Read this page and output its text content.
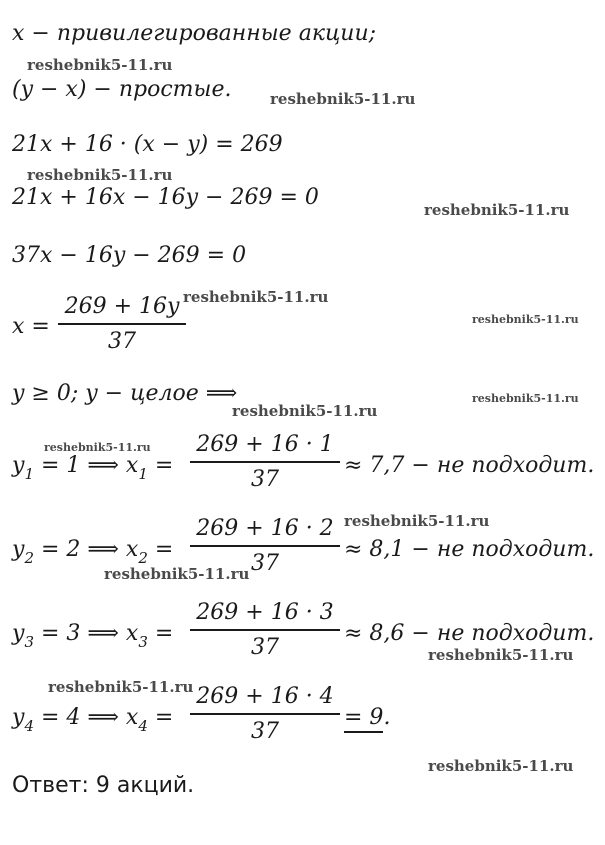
x − привилегированные акции;
(y − x) − простые.
21x + 16 · (x − y) = 269
21x + 16x − 16y − 269 = 0
37x − 16y − 269 = 0
x =
269 + 16y
37
y ≥ 0; y − целое ⟹
$y_1 = 1$ ⟹ $x_1$ =
269 + 16 · 1
37
≈ 7,7 − не подходит.
$y_2 = 2$ ⟹ $x_2$ =
269 + 16 · 2
37
≈ 8,1 − не подходит.
$y_3 = 3$ ⟹ $x_3$ =
269 + 16 · 3
37
≈ 8,6 − не подходит.
$y_4 = 4$ ⟹ $x_4$ =
269 + 16 · 4
37
= 9.
Ответ: 9 акций.
reshebnik5-11.ru
reshebnik5-11.ru
reshebnik5-11.ru
reshebnik5-11.ru
reshebnik5-11.ru
reshebnik5-11.ru
reshebnik5-11.ru
reshebnik5-11.ru
reshebnik5-11.ru
reshebnik5-11.ru
reshebnik5-11.ru
reshebnik5-11.ru
reshebnik5-11.ru
reshebnik5-11.ru
